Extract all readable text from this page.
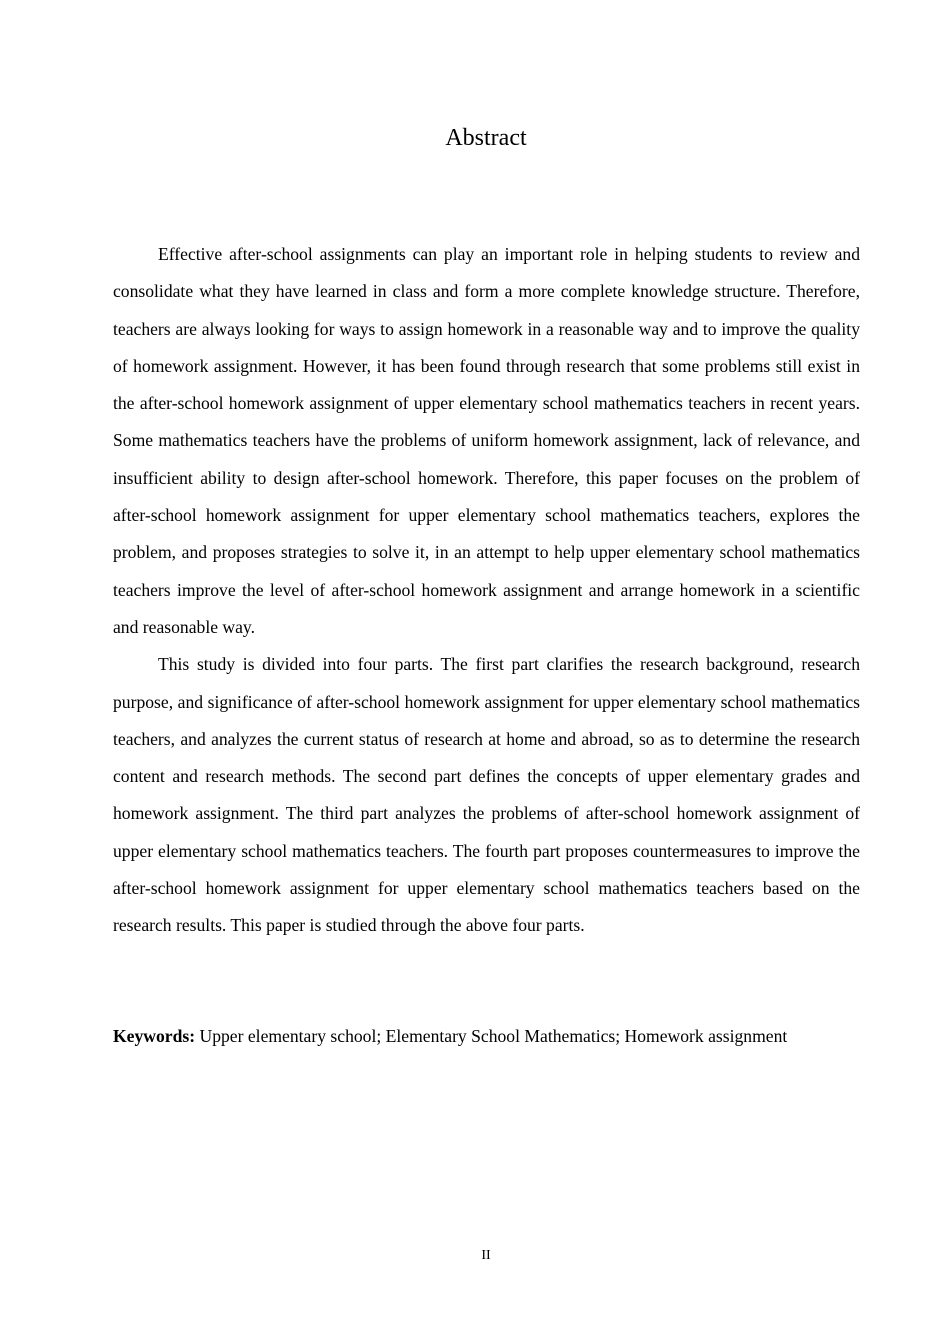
Abstract

Effective after-school assignments can play an important role in helping students to review and consolidate what they have learned in class and form a more complete knowledge structure. Therefore, teachers are always looking for ways to assign homework in a reasonable way and to improve the quality of homework assignment. However, it has been found through research that some problems still exist in the after-school homework assignment of upper elementary school mathematics teachers in recent years. Some mathematics teachers have the problems of uniform homework assignment, lack of relevance, and insufficient ability to design after-school homework. Therefore, this paper focuses on the problem of after-school homework assignment for upper elementary school mathematics teachers, explores the problem, and proposes strategies to solve it, in an attempt to help upper elementary school mathematics teachers improve the level of after-school homework assignment and arrange homework in a scientific and reasonable way.

This study is divided into four parts. The first part clarifies the research background, research purpose, and significance of after-school homework assignment for upper elementary school mathematics teachers, and analyzes the current status of research at home and abroad, so as to determine the research content and research methods. The second part defines the concepts of upper elementary grades and homework assignment. The third part analyzes the problems of after-school homework assignment of upper elementary school mathematics teachers. The fourth part proposes countermeasures to improve the after-school homework assignment for upper elementary school mathematics teachers based on the research results. This paper is studied through the above four parts.

Keywords: Upper elementary school; Elementary School Mathematics; Homework assignment
II
